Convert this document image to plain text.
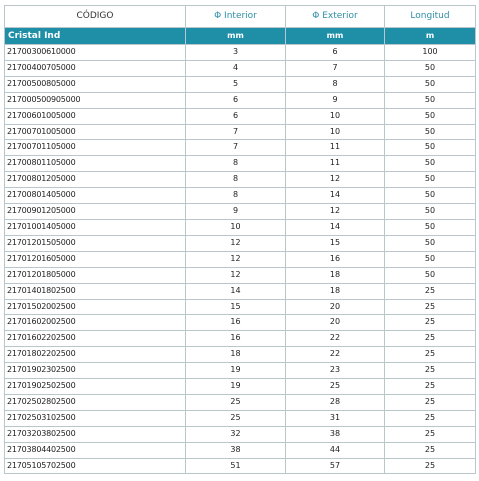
CÓDIGO	Φ Interior	Φ Exterior	Longitud
Cristal Ind	mm	mm	m
21700300610000	3	6	100
21700400705000	4	7	50
21700500805000	5	8	50
217000500905000	6	9	50
21700601005000	6	10	50
21700701005000	7	10	50
21700701105000	7	11	50
21700801105000	8	11	50
21700801205000	8	12	50
21700801405000	8	14	50
21700901205000	9	12	50
21701001405000	10	14	50
21701201505000	12	15	50
21701201605000	12	16	50
21701201805000	12	18	50
21701401802500	14	18	25
21701502002500	15	20	25
21701602002500	16	20	25
21701602202500	16	22	25
21701802202500	18	22	25
21701902302500	19	23	25
21701902502500	19	25	25
21702502802500	25	28	25
21702503102500	25	31	25
21703203802500	32	38	25
21703804402500	38	44	25
21705105702500	51	57	25
